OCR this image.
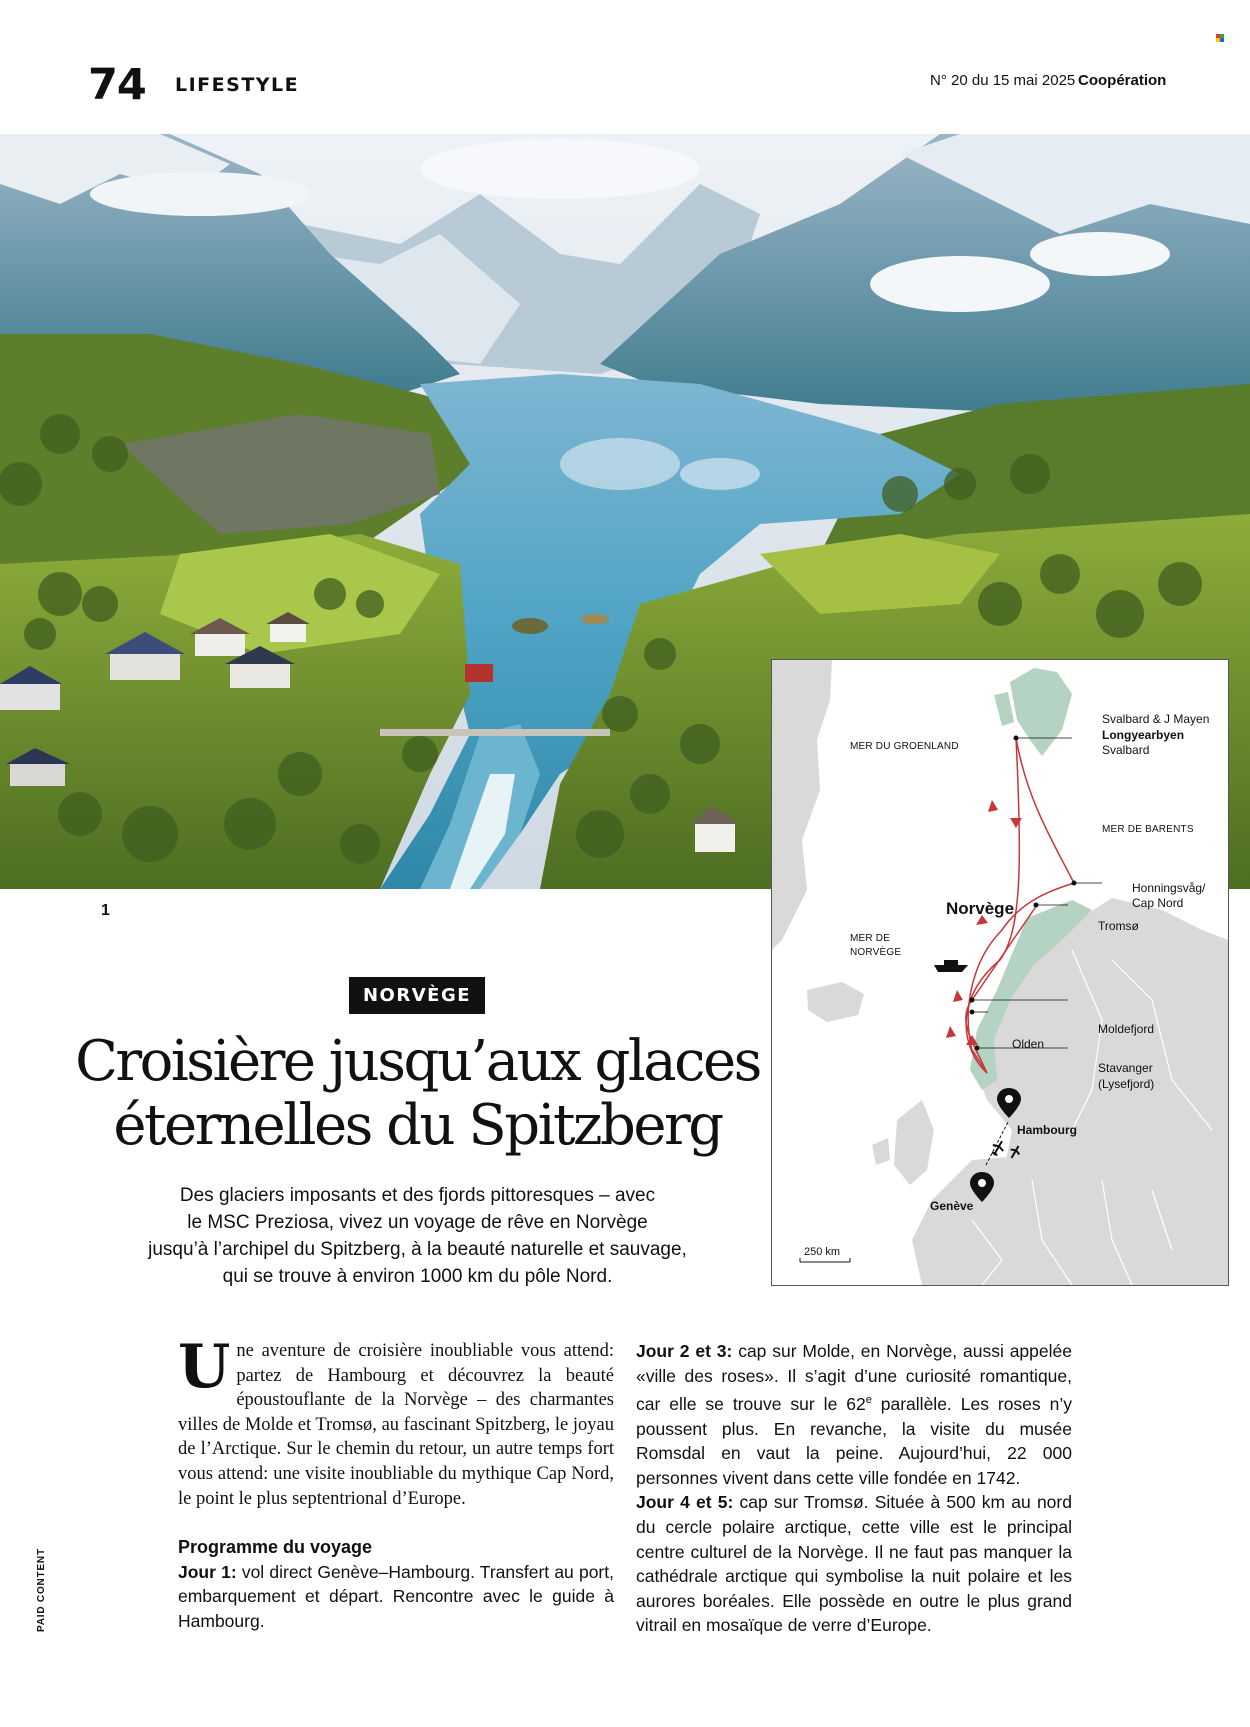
74 LIFESTYLE	N° 20 du 15 mai 2025 Coopération
1
MER DU GROENLAND
MER DE BARENTS
MER DE
NORVÈGE
Norvège
Svalbard & J Mayen
Longyearbyen
Svalbard
Honningsvåg/
Cap Nord
Tromsø
Moldefjord
Olden
Stavanger
(Lysefjord)
Hambourg
Genève
250 km
NORVÈGE
Croisière jusqu’aux glaces
éternelles du Spitzberg

Des glaciers imposants et des fjords pittoresques – avec
le MSC Preziosa, vivez un voyage de rêve en Norvège
jusqu’à l’archipel du Spitzberg, à la beauté naturelle et sauvage,
qui se trouve à environ 1000 km du pôle Nord.

Une aventure de croisière inoubliable vous attend: partez de Hambourg et découvrez la beauté époustouflante de la Norvège – des charmantes villes de Molde et Tromsø, au fascinant Spitzberg, le joyau de l’Arctique. Sur le chemin du retour, un autre temps fort vous attend: une visite inoubliable du mythique Cap Nord, le point le plus septentrional d’Europe.

Programme du voyage

Jour 1: vol direct Genève–Hambourg. Transfert au port, embarquement et départ. Rencontre avec le guide à Hambourg.

Jour 2 et 3: cap sur Molde, en Norvège, aussi appelée «ville des roses». Il s’agit d’une curiosité romantique, car elle se trouve sur le 62e parallèle. Les roses n’y poussent plus. En revanche, la visite du musée Romsdal en vaut la peine. Aujourd’hui, 22 000 personnes vivent dans cette ville fondée en 1742.

Jour 4 et 5: cap sur Tromsø. Située à 500 km au nord du cercle polaire arctique, cette ville est le principal centre culturel de la Norvège. Il ne faut pas manquer la cathédrale arctique qui symbolise la nuit polaire et les aurores boréales. Elle possède en outre le plus grand vitrail en mosaïque de verre d’Europe.

PAID CONTENT
